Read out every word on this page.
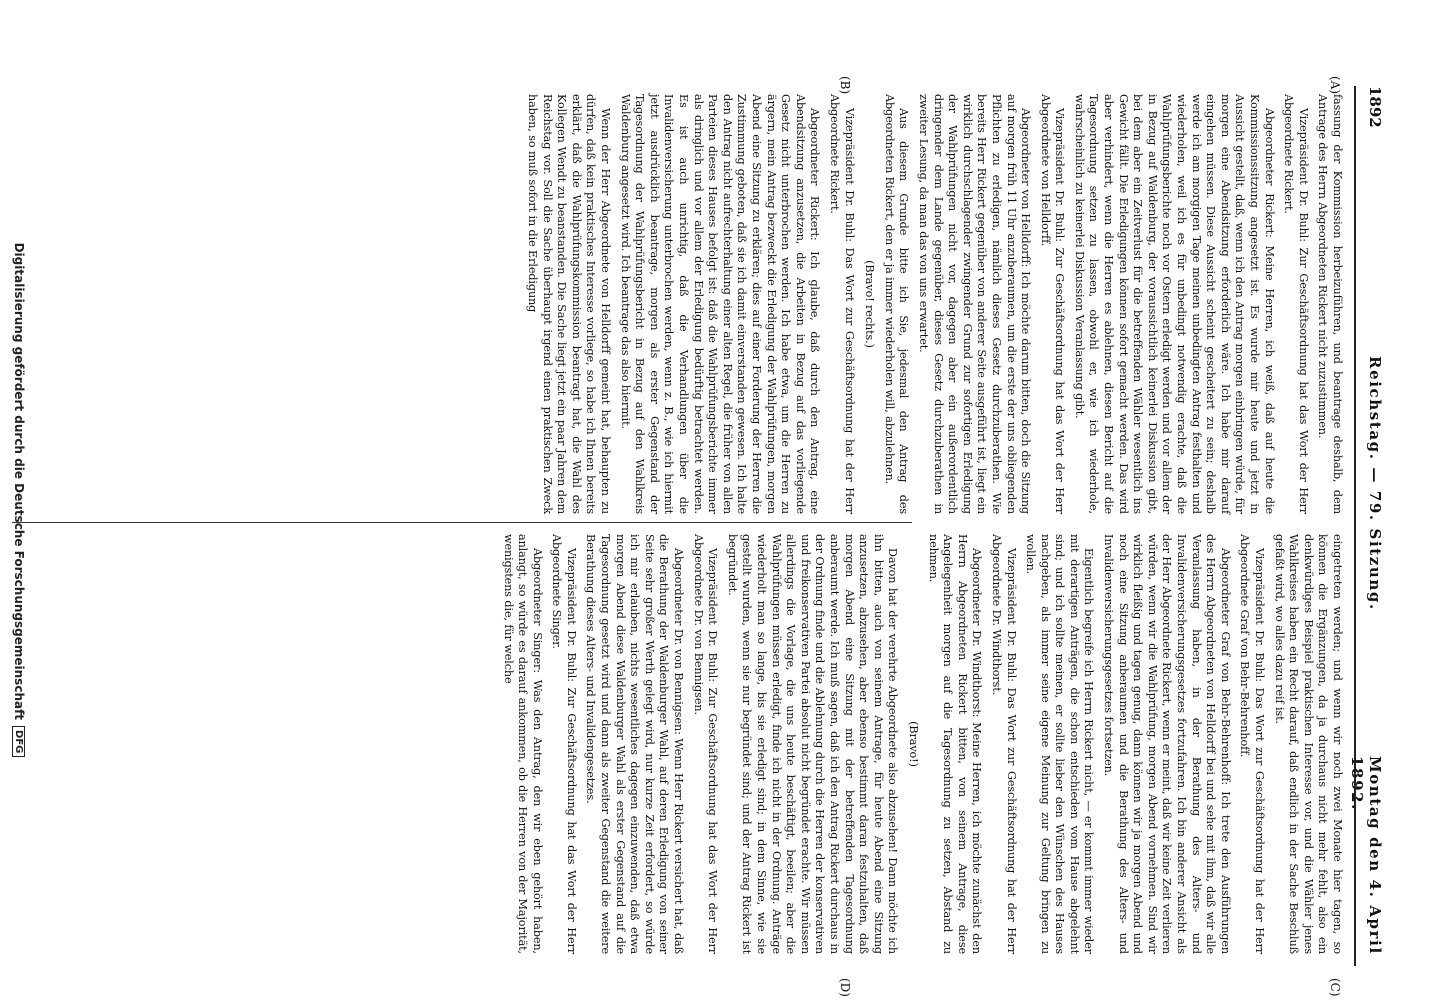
1892
Reichstag. — 79. Sitzung.
Montag den 4. April 1892.
(A)
(B)
(C)
(D)

fassung der Kommission herbeizuführen, und beantrage deshalb, dem Antrage des Herrn Abgeordneten Rickert nicht zuzustimmen.

Vizepräsident Dr. Buhl: Zur Geschäftsordnung hat das Wort der Herr Abgeordnete Rickert.

Abgeordneter Rickert: Meine Herren, ich weiß, daß auf heute die Kommissionssitzung angesetzt ist. Es wurde mir heute und jetzt in Aussicht gestellt, daß, wenn ich den Antrag morgen einbringen würde, für morgen eine Abendsitzung erforderlich wäre. Ich habe mir darauf eingehen müssen. Diese Aussicht scheint gescheitert zu sein; deshalb werde ich am morgigen Tage meinen unbedingten Antrag festhalten und wiederholen, weil ich es für unbedingt notwendig erachte, daß die Wahlprüfungsberichte noch vor Ostern erledigt werden und vor allem der in Bezug auf Waldenburg, der voraussichtlich keinerlei Diskussion gibt, bei dem aber ein Zeitverlust für die betreffenden Wähler wesentlich ins Gewicht fällt. Die Erledigungen können sofort gemacht werden. Das wird aber verhindert, wenn die Herren es ablehnen, diesen Bericht auf die Tagesordnung setzen zu lassen, obwohl er, wie ich wiederhole, wahrscheinlich zu keinerlei Diskussion Veranlassung gibt.

Vizepräsident Dr. Buhl: Zur Geschäftsordnung hat das Wort der Herr Abgeordnete von Helldorff.

Abgeordneter von Helldorff: Ich möchte darum bitten, doch die Sitzung auf morgen früh 11 Uhr anzuberaumen, um die erste der uns obliegenden Pflichten zu erledigen, nämlich dieses Gesetz durchzuberathen. Wie bereits Herr Rickert gegenüber von anderer Seite ausgeführt ist, liegt ein wirklich durchschlagender zwingender Grund zur sofortigen Erledigung der Wahlprüfungen nicht vor, dagegen aber ein außerordentlich dringender dem Lande gegenüber, dieses Gesetz durchzuberathen in zweiter Lesung, da man das von uns erwartet.

Aus diesem Grunde bitte ich Sie, jedesmal den Antrag des Abgeordneten Rickert, den er ja immer wiederholen will, abzulehnen.

(Bravo! rechts.)

Vizepräsident Dr. Buhl: Das Wort zur Geschäftsordnung hat der Herr Abgeordnete Rickert.

Abgeordneter Rickert: Ich glaube, daß durch den Antrag, eine Abendsitzung anzusetzen, die Arbeiten in Bezug auf das vorliegende Gesetz nicht unterbrochen werden. Ich habe etwa, um die Herren zu ärgern, mein Antrag bezweckt die Erledigung der Wahlprüfungen, morgen Abend eine Sitzung zu erklären; dies auf einer Forderung der Herren die Zustimmung geboten, daß sie ich damit einverstanden gewesen. Ich halte den Antrag nicht aufrechterhaltung einer alten Regel, die früher von allen Parteien dieses Hauses befolgt ist: daß die Wahlprüfungsberichte immer als dringlich und vor allem der Erledigung bedürftig betrachtet werden. Es ist auch unrichtig, daß die Verhandlungen über die Invalidenversicherung unterbrochen werden, wenn z. B., wie ich hiermit jetzt ausdrücklich beantrage, morgen als erster Gegenstand der Tagesordnung der Wahlprüfungsbericht in Bezug auf den Wahlkreis Waldenburg angesetzt wird. Ich beantrage das also hiermit.

Wenn der Herr Abgeordnete von Helldorff gemeint hat, behaupten zu dürfen, daß kein praktisches Interesse vorliege, so habe ich Ihnen bereits erklärt, daß die Wahlprüfungskommission beantragt hat, die Wahl des Kollegen Wendt zu beanstanden. Die Sache liegt jetzt ein paar Jahren dem Reichstag vor. Soll die Sache überhaupt irgend einen praktischen Zweck haben, so muß sofort in die Erledigung

eingetreten werden; und wenn wir noch zwei Monate hier tagen, so können die Ergänzungen, da ja durchaus nicht mehr fehlt, also ein denkwürdiges Beispiel praktischen Interesse vor, und die Wähler jenes Wahlkreises haben ein Recht darauf, daß endlich in der Sache Beschluß gefaßt wird, wo alles dazu reif ist.

Vizepräsident Dr. Buhl: Das Wort zur Geschäftsordnung hat der Herr Abgeordnete Graf von Behr-Behrenhoff.

Abgeordneter Graf von Behr-Behrenhoff: Ich trete den Ausführungen des Herrn Abgeordneten von Helldorff bei und sehe mit ihm, daß wir alle Veranlassung haben, in der Berathung des Alters- und Invalidenversicherungsgesetzes fortzufahren. Ich bin anderer Ansicht als der Herr Abgeordnete Rickert, wenn er meint, daß wir keine Zeit verlieren würden, wenn wir die Wahlprüfung, morgen Abend vornehmen. Sind wir wirklich fleißig und tagen genug, dann können wir ja morgen Abend und noch eine Sitzung anberaumen und die Berathung des Alters- und Invalidenversicherungsgesetzes fortsetzen.

Eigentlich begreife ich Herrn Rickert nicht, — er kommt immer wieder mit derartigen Anträgen, die schon entschieden vom Hause abgelehnt sind; und ich sollte meinen, er sollte lieber den Wünschen des Hauses nachgeben, als immer seine eigene Meinung zur Geltung bringen zu wollen.

Vizepräsident Dr. Buhl: Das Wort zur Geschäftsordnung hat der Herr Abgeordnete Dr. Windthorst.

Abgeordneter Dr. Windthorst: Meine Herren, ich möchte zunächst den Herrn Abgeordneten Rickert bitten, von seinem Antrage, diese Angelegenheit morgen auf die Tagesordnung zu setzen, Abstand zu nehmen.

(Bravo!)

Davon hat der verehrte Abgeordnete also abzusehen! Dann möchte ich ihn bitten, auch von seinem Antrage, für heute Abend eine Sitzung anzusetzen, abzusehen, aber ebenso bestimmt daran festzuhalten, daß morgen Abend eine Sitzung mit der betreffenden Tagesordnung anberaumt werde. Ich muß sagen, daß ich den Antrag Rickert durchaus in der Ordnung finde und die Ablehnung durch die Herren der konservativen und freikonservativen Partei absolut nicht begründet erachte. Wir müssen allerdings die Vorlage, die uns heute beschäftigt, beeilen; aber die Wahlprüfungen müssen erledigt, finde ich nicht in der Ordnung. Anträge wiederholt man so lange, bis sie erledigt sind; in dem Sinne, wie sie gestellt wurden, wenn sie nur begründet sind; und der Antrag Rickert ist begründet.

Vizepräsident Dr. Buhl: Zur Geschäftsordnung hat das Wort der Herr Abgeordnete Dr. von Bennigsen.

Abgeordneter Dr. von Bennigsen: Wenn Herr Rickert versichert hat, daß die Berathung der Waldenburger Wahl, auf deren Erledigung von seiner Seite sehr großer Werth gelegt wird, nur kurze Zeit erfordert, so würde ich mir erlauben, nichts wesentliches dagegen einzuwenden, daß etwa morgen Abend diese Waldenburger Wahl als erster Gegenstand auf die Tagesordnung gesetzt wird und dann als zweiter Gegenstand die weitere Berathung dieses Alters- und Invalidengesetzes.

Vizepräsident Dr. Buhl: Zur Geschäftsordnung hat das Wort der Herr Abgeordnete Singer.

Abgeordneter Singer: Was den Antrag, den wir eben gehört haben, anlangt, so würde es darauf ankommen, ob die Herren von der Majorität, wenigstens die, für welche

Digitalisierung gefördert durch die Deutsche Forschungsgemeinschaft
DFG
